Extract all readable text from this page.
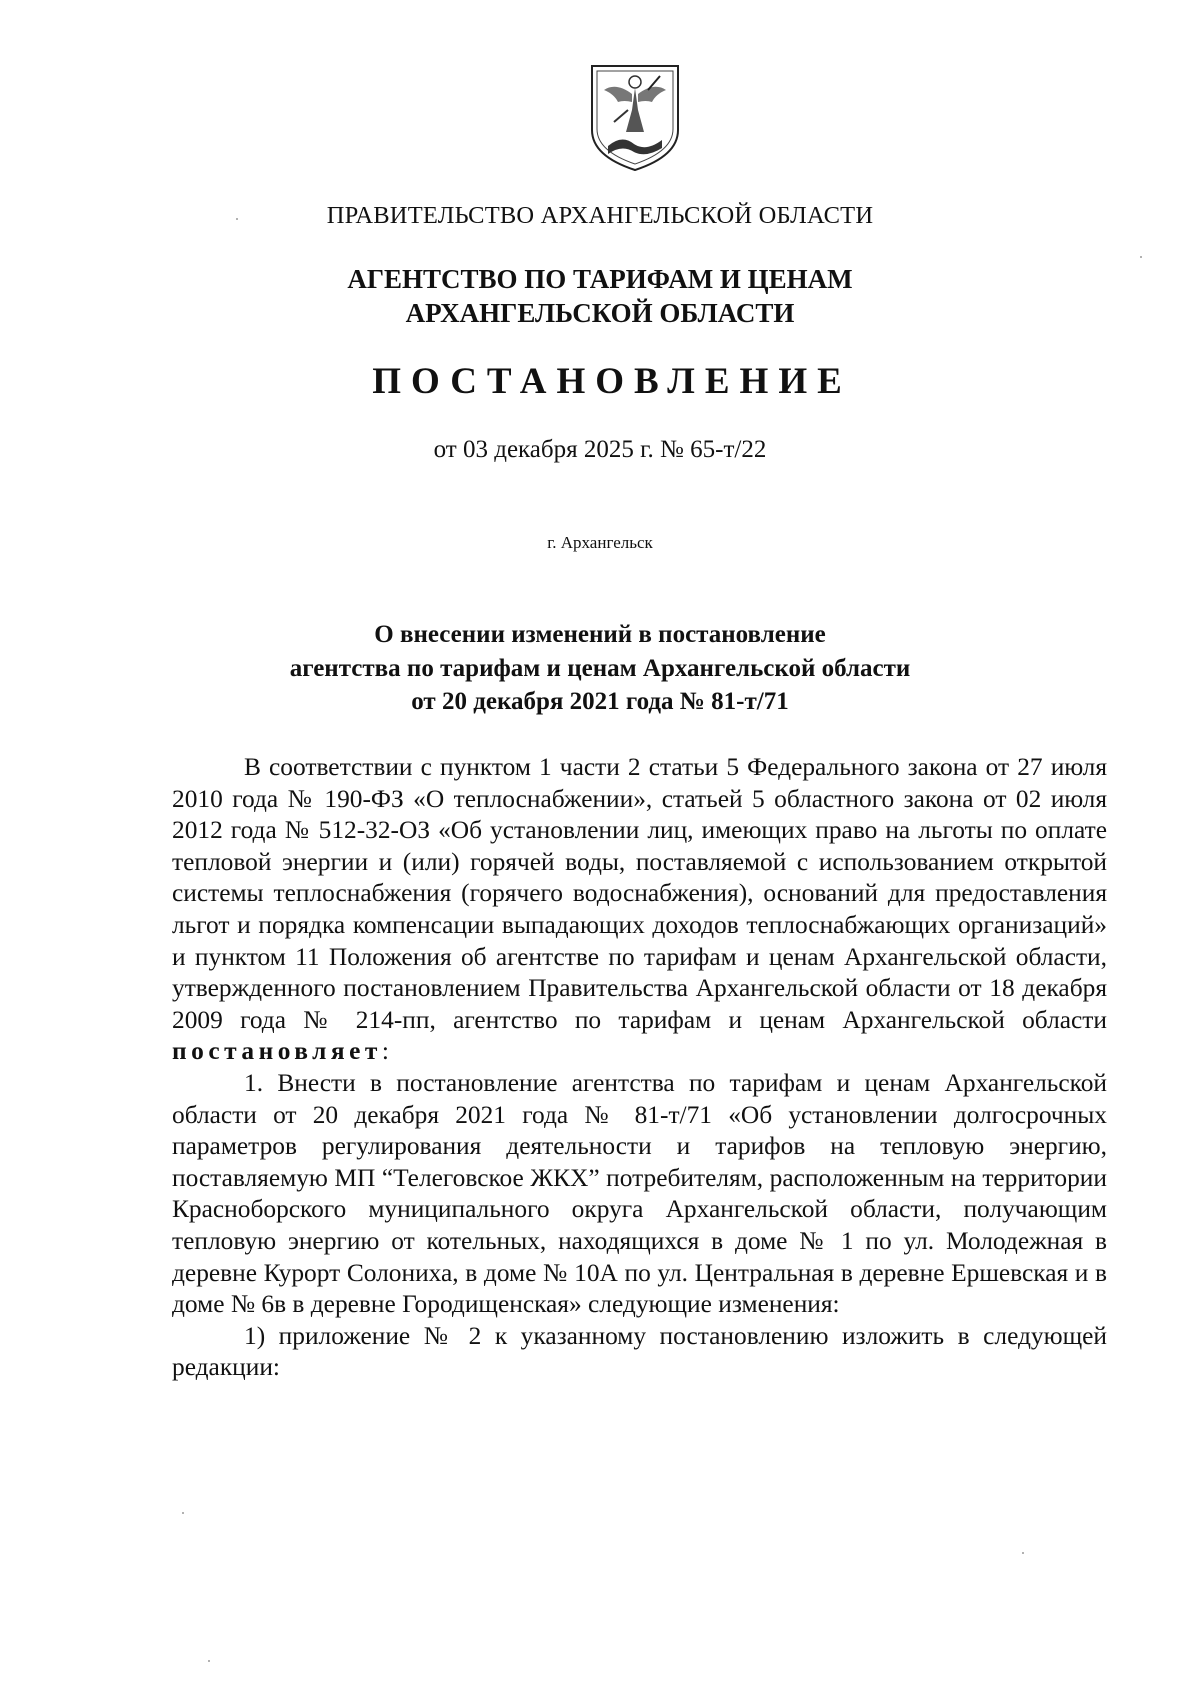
ПРАВИТЕЛЬСТВО АРХАНГЕЛЬСКОЙ ОБЛАСТИ
АГЕНТСТВО ПО ТАРИФАМ И ЦЕНАМ
АРХАНГЕЛЬСКОЙ ОБЛАСТИ
ПОСТАНОВЛЕНИЕ
от 03 декабря 2025 г. № 65-т/22
г. Архангельск
О внесении изменений в постановление
агентства по тарифам и ценам Архангельской области
от 20 декабря 2021 года № 81-т/71

В соответствии с пунктом 1 части 2 статьи 5 Федерального закона от 27 июля 2010 года № 190-ФЗ «О теплоснабжении», статьей 5 областного закона от 02 июля 2012 года № 512-32-ОЗ «Об установлении лиц, имеющих право на льготы по оплате тепловой энергии и (или) горячей воды, поставляемой с использованием открытой системы теплоснабжения (горячего водоснабжения), оснований для предоставления льгот и порядка компенсации выпадающих доходов теплоснабжающих организаций» и пунктом 11 Положения об агентстве по тарифам и ценам Архангельской области, утвержденного постановлением Правительства Архангельской области от 18 декабря 2009 года № 214-пп, агентство по тарифам и ценам Архангельской области постановляет:

1. Внести в постановление агентства по тарифам и ценам Архангельской области от 20 декабря 2021 года № 81-т/71 «Об установлении долгосрочных параметров регулирования деятельности и тарифов на тепловую энергию, поставляемую МП “Телеговское ЖКХ” потребителям, расположенным на территории Красноборского муниципального округа Архангельской области, получающим тепловую энергию от котельных, находящихся в доме № 1 по ул. Молодежная в деревне Курорт Солониха, в доме № 10А по ул. Центральная в деревне Ершевская и в доме № 6в в деревне Городищенская» следующие изменения:

1) приложение № 2 к указанному постановлению изложить в следующей редакции:
